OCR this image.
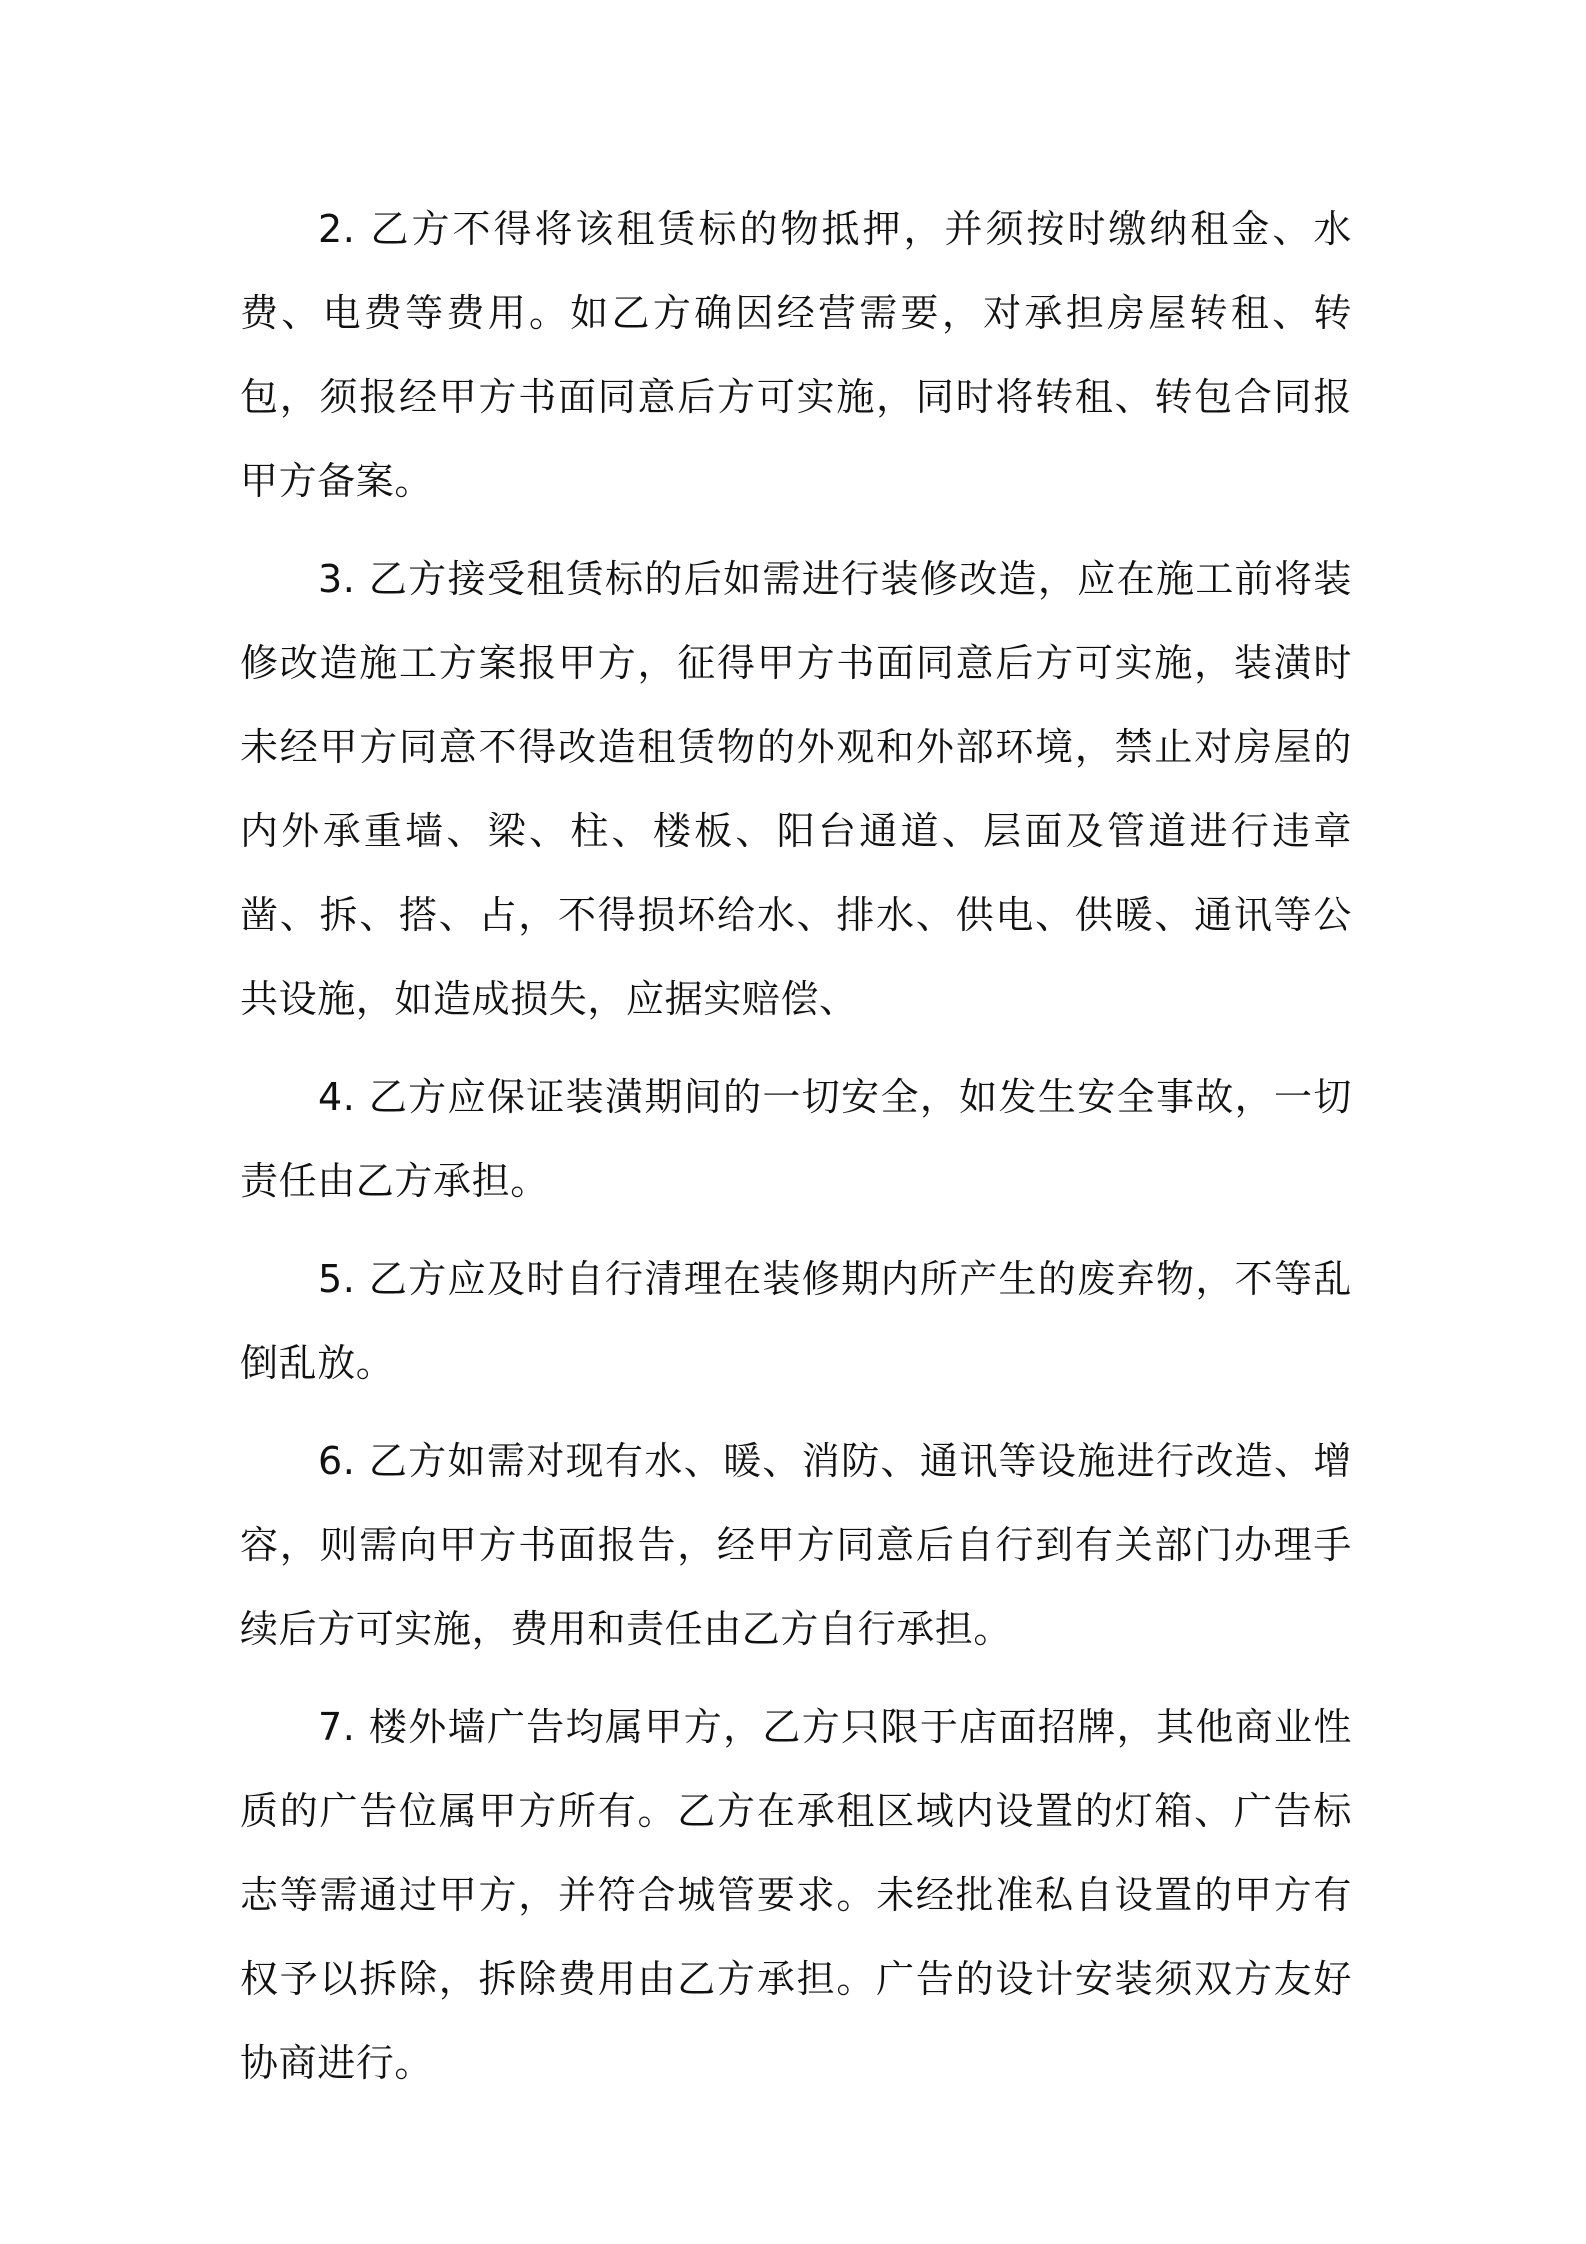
2. 乙方不得将该租赁标的物抵押，并须按时缴纳租金、水费、电费等费用。如乙方确因经营需要，对承担房屋转租、转包，须报经甲方书面同意后方可实施，同时将转租、转包合同报甲方备案。

3. 乙方接受租赁标的后如需进行装修改造，应在施工前将装修改造施工方案报甲方，征得甲方书面同意后方可实施，装潢时未经甲方同意不得改造租赁物的外观和外部环境，禁止对房屋的内外承重墙、梁、柱、楼板、阳台通道、层面及管道进行违章凿、拆、搭、占，不得损坏给水、排水、供电、供暖、通讯等公共设施，如造成损失，应据实赔偿、

4. 乙方应保证装潢期间的一切安全，如发生安全事故，一切责任由乙方承担。

5. 乙方应及时自行清理在装修期内所产生的废弃物，不等乱倒乱放。

6. 乙方如需对现有水、暖、消防、通讯等设施进行改造、增容，则需向甲方书面报告，经甲方同意后自行到有关部门办理手续后方可实施，费用和责任由乙方自行承担。

7. 楼外墙广告均属甲方，乙方只限于店面招牌，其他商业性质的广告位属甲方所有。乙方在承租区域内设置的灯箱、广告标志等需通过甲方，并符合城管要求。未经批准私自设置的甲方有权予以拆除，拆除费用由乙方承担。广告的设计安装须双方友好协商进行。
